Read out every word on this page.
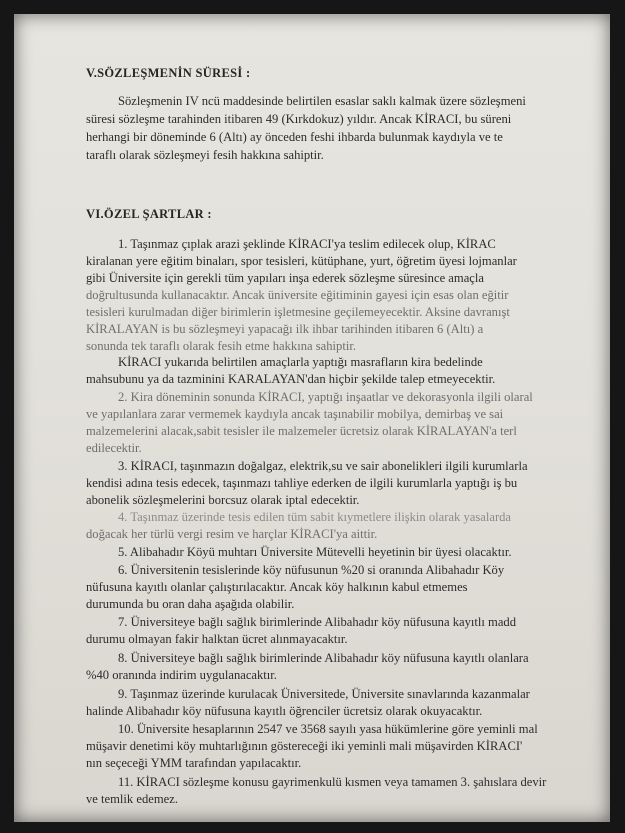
V.SÖZLEŞMENİN SÜRESİ :
Sözleşmenin IV ncü maddesinde belirtilen esaslar saklı kalmak üzere sözleşmeni
süresi sözleşme tarahinden itibaren 49 (Kırkdokuz) yıldır. Ancak KİRACI, bu süreni
herhangi bir döneminde 6 (Altı) ay önceden feshi ihbarda bulunmak kaydıyla ve te
taraflı olarak sözleşmeyi fesih hakkına sahiptir.
VI.ÖZEL ŞARTLAR :
1. Taşınmaz çıplak arazi şeklinde KİRACI'ya teslim edilecek olup, KİRAC
kiralanan yere eğitim binaları, spor tesisleri, kütüphane, yurt, öğretim üyesi lojmanlar
gibi Üniversite için gerekli tüm yapıları inşa ederek sözleşme süresince amaçla
doğrultusunda kullanacaktır. Ancak üniversite eğitiminin gayesi için esas olan eğitir
tesisleri kurulmadan diğer birimlerin işletmesine geçilemeyecektir. Aksine davranışt
KİRALAYAN is bu sözleşmeyi yapacağı ilk ihbar tarihinden itibaren 6 (Altı) a
sonunda tek taraflı olarak fesih etme hakkına sahiptir.
KİRACI yukarıda belirtilen amaçlarla yaptığı masrafların kira bedelinde
mahsubunu ya da tazminini KARALAYAN'dan hiçbir şekilde talep etmeyecektir.
2. Kira döneminin sonunda KİRACI, yaptığı inşaatlar ve dekorasyonla ilgili olaral
ve yapılanlara zarar vermemek kaydıyla ancak taşınabilir mobilya, demirbaş ve sai
malzemelerini alacak,sabit tesisler ile malzemeler ücretsiz olarak KİRALAYAN'a terl
edilecektir.
3. KİRACI, taşınmazın doğalgaz, elektrik,su ve sair abonelikleri ilgili kurumlarla
kendisi adına tesis edecek, taşınmazı tahliye ederken de ilgili kurumlarla yaptığı iş bu
abonelik sözleşmelerini borcsuz olarak iptal edecektir.
4. Taşınmaz üzerinde tesis edilen tüm sabit kıymetlere ilişkin olarak yasalarda
doğacak her türlü vergi resim ve harçlar KİRACI'ya aittir.
5. Alibahadır Köyü muhtarı Üniversite Mütevelli heyetinin bir üyesi olacaktır.
6. Üniversitenin tesislerinde köy nüfusunun %20 si oranında Alibahadır Köy
nüfusuna kayıtlı olanlar çalıştırılacaktır. Ancak köy halkının kabul etmemes
durumunda bu oran daha aşağıda olabilir.
7. Üniversiteye bağlı sağlık birimlerinde Alibahadır köy nüfusuna kayıtlı madd
durumu olmayan fakir halktan ücret alınmayacaktır.
8. Üniversiteye bağlı sağlık birimlerinde Alibahadır köy nüfusuna kayıtlı olanlara
%40 oranında indirim uygulanacaktır.
9. Taşınmaz üzerinde kurulacak Üniversitede, Üniversite sınavlarında kazanmalar
halinde Alibahadır köy nüfusuna kayıtlı öğrenciler ücretsiz olarak okuyacaktır.
10. Üniversite hesaplarının 2547 ve 3568 sayılı yasa hükümlerine göre yeminli mal
müşavir denetimi köy muhtarlığının göstereceği iki yeminli mali müşavirden KİRACI'
nın seçeceği YMM tarafından yapılacaktır.
11. KİRACI sözleşme konusu gayrimenkulü kısmen veya tamamen 3. şahıslara devir
ve temlik edemez.
